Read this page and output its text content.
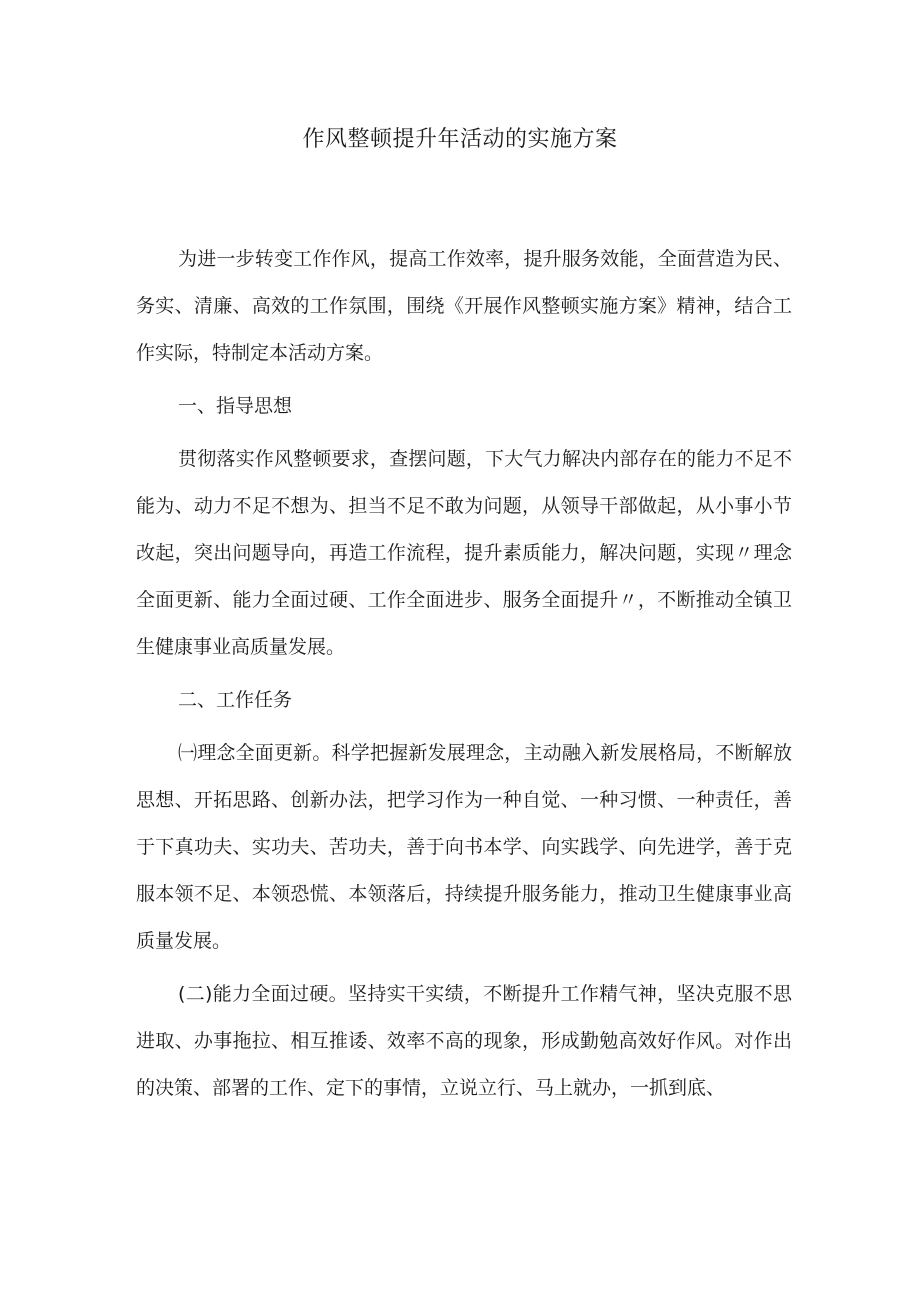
作风整顿提升年活动的实施方案

为进一步转变工作作风，提高工作效率，提升服务效能，全面营造为民、务实、清廉、高效的工作氛围，围绕《开展作风整顿实施方案》精神，结合工作实际，特制定本活动方案。

一、指导思想

贯彻落实作风整顿要求，查摆问题，下大气力解决内部存在的能力不足不能为、动力不足不想为、担当不足不敢为问题，从领导干部做起，从小事小节改起，突出问题导向，再造工作流程，提升素质能力，解决问题，实现〃理念全面更新、能力全面过硬、工作全面进步、服务全面提升〃，不断推动全镇卫生健康事业高质量发展。

二、工作任务

㈠理念全面更新。科学把握新发展理念，主动融入新发展格局，不断解放思想、开拓思路、创新办法，把学习作为一种自觉、一种习惯、一种责任，善于下真功夫、实功夫、苦功夫，善于向书本学、向实践学、向先进学，善于克服本领不足、本领恐慌、本领落后，持续提升服务能力，推动卫生健康事业高质量发展。

(二)能力全面过硬。坚持实干实绩，不断提升工作精气神，坚决克服不思进取、办事拖拉、相互推诿、效率不高的现象，形成勤勉高效好作风。对作出的决策、部署的工作、定下的事情，立说立行、马上就办，一抓到底、
